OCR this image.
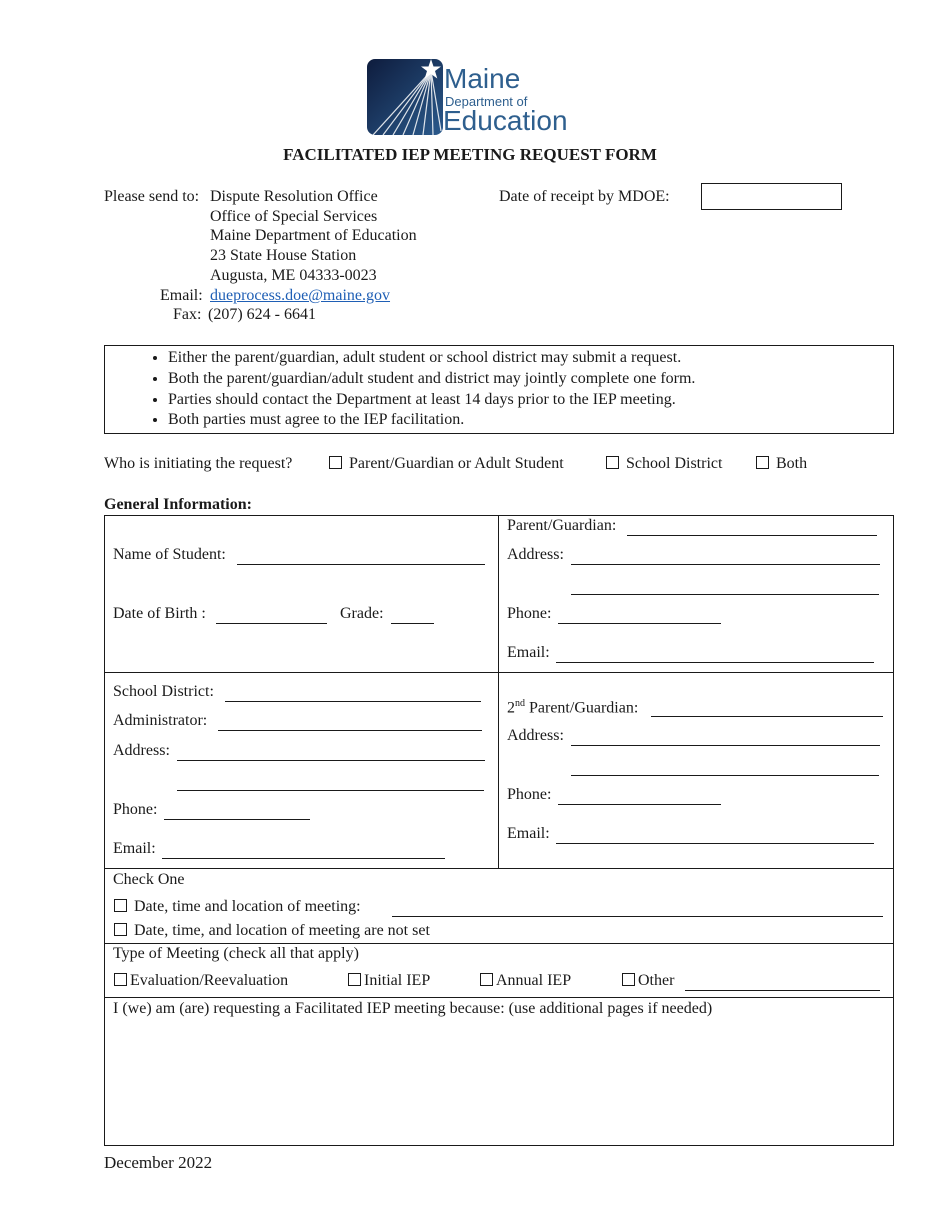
Maine
Department of
Education
FACILITATED IEP MEETING REQUEST FORM
Please send to: Dispute Resolution Office
Office of Special Services
Maine Department of Education
23 State House Station
Augusta, ME 04333-0023
Email: dueprocess.doe@maine.gov
Fax: (207) 624 - 6641
Date of receipt by MDOE:
• Either the parent/guardian, adult student or school district may submit a request.
• Both the parent/guardian/adult student and district may jointly complete one form.
• Parties should contact the Department at least 14 days prior to the IEP meeting.
• Both parties must agree to the IEP facilitation.
Who is initiating the request?	Parent/Guardian or Adult Student	School District	Both
General Information:
Name of Student:
Date of Birth :	Grade:
Parent/Guardian:
Address:
Phone:
Email:
School District:
Administrator:
Address:
Phone:
Email:
2nd Parent/Guardian:
Address:
Phone:
Email:
Check One
Date, time and location of meeting:
Date, time, and location of meeting are not set
Type of Meeting (check all that apply)
Evaluation/Reevaluation	Initial IEP	Annual IEP	Other
I (we) am (are) requesting a Facilitated IEP meeting because: (use additional pages if needed)
December 2022
